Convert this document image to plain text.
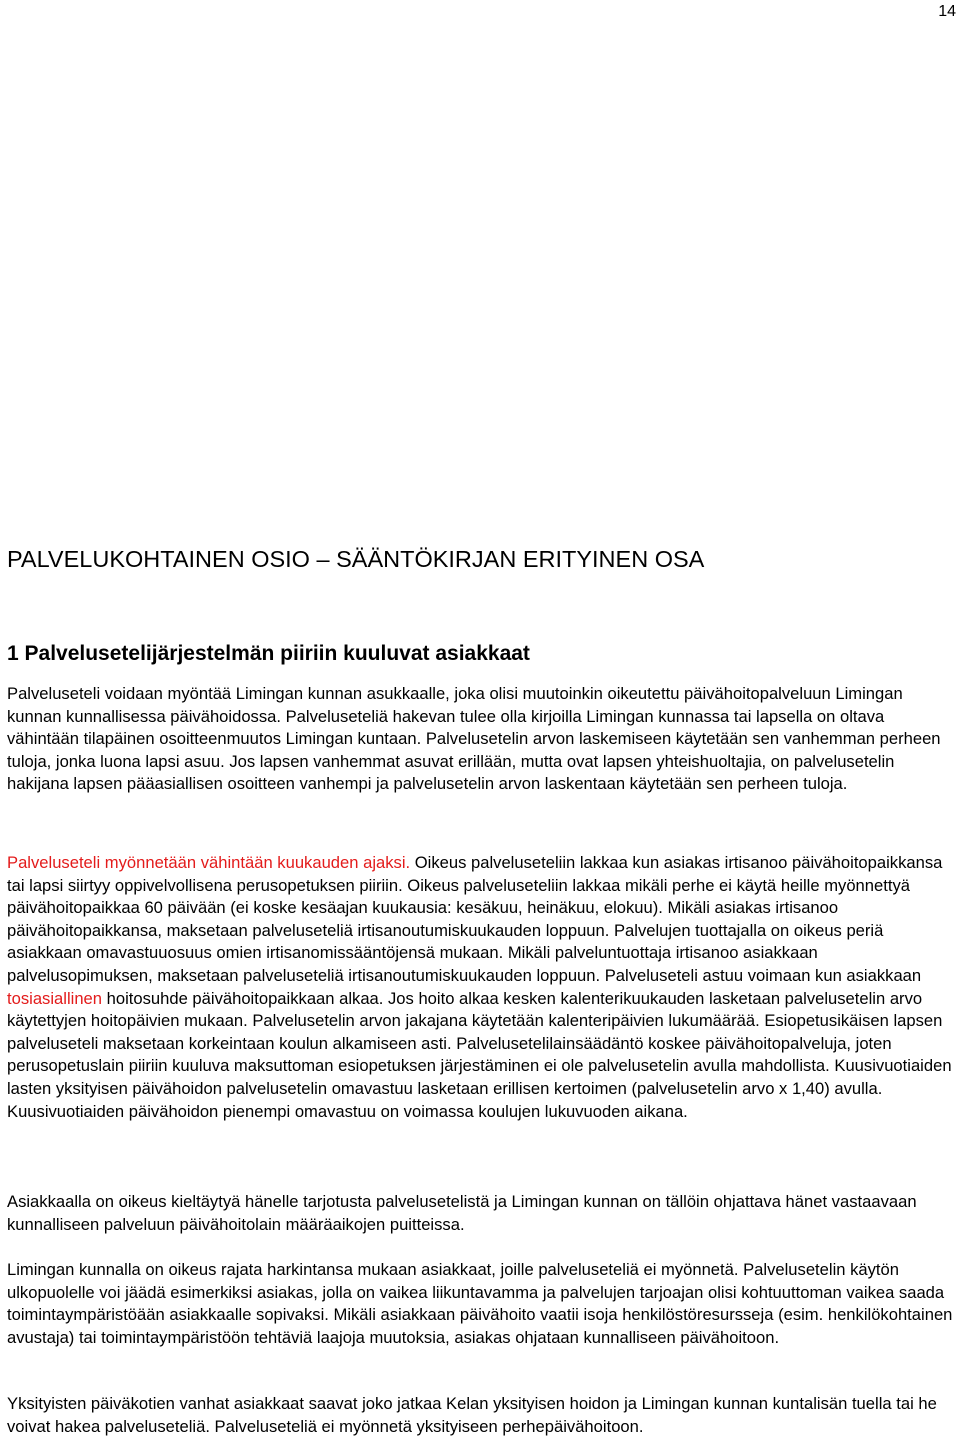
14
PALVELUKOHTAINEN OSIO – SÄÄNTÖKIRJAN ERITYINEN OSA
1 Palvelusetelijärjestelmän piiriin kuuluvat asiakkaat

Palveluseteli voidaan myöntää Limingan kunnan asukkaalle, joka olisi muutoinkin oikeutettu päivähoitopalveluun Limingan kunnan kunnallisessa päivähoidossa. Palveluseteliä hakevan tulee olla kirjoilla Limingan kunnassa tai lapsella on oltava vähintään tilapäinen osoitteenmuutos Limingan kuntaan. Palvelusetelin arvon laskemiseen käytetään sen vanhemman perheen tuloja, jonka luona lapsi asuu. Jos lapsen vanhemmat asuvat erillään, mutta ovat lapsen yhteishuoltajia, on palvelusetelin hakijana lapsen pääasiallisen osoitteen vanhempi ja palvelusetelin arvon laskentaan käytetään sen perheen tuloja.

Palveluseteli myönnetään vähintään kuukauden ajaksi. Oikeus palveluseteliin lakkaa kun asiakas irtisanoo päivähoitopaikkansa tai lapsi siirtyy oppivelvollisena perusopetuksen piiriin. Oikeus palveluseteliin lakkaa mikäli perhe ei käytä heille myönnettyä päivähoitopaikkaa 60 päivään (ei koske kesäajan kuukausia: kesäkuu, heinäkuu, elokuu). Mikäli asiakas irtisanoo päivähoitopaikkansa, maksetaan palveluseteliä irtisanoutumiskuukauden loppuun. Palvelujen tuottajalla on oikeus periä asiakkaan omavastuuosuus omien irtisanomissääntöjensä mukaan. Mikäli palveluntuottaja irtisanoo asiakkaan palvelusopimuksen, maksetaan palveluseteliä irtisanoutumiskuukauden loppuun. Palveluseteli astuu voimaan kun asiakkaan tosiasiallinen hoitosuhde päivähoitopaikkaan alkaa. Jos hoito alkaa kesken kalenterikuukauden lasketaan palvelusetelin arvo käytettyjen hoitopäivien mukaan. Palvelusetelin arvon jakajana käytetään kalenteripäivien lukumäärää. Esiopetusikäisen lapsen palveluseteli maksetaan korkeintaan koulun alkamiseen asti. Palvelusetelilainsäädäntö koskee päivähoitopalveluja, joten perusopetuslain piiriin kuuluva maksuttoman esiopetuksen järjestäminen ei ole palvelusetelin avulla mahdollista. Kuusivuotiaiden lasten yksityisen päivähoidon palvelusetelin omavastuu lasketaan erillisen kertoimen (palvelusetelin arvo x 1,40) avulla. Kuusivuotiaiden päivähoidon pienempi omavastuu on voimassa koulujen lukuvuoden aikana.

Asiakkaalla on oikeus kieltäytyä hänelle tarjotusta palvelusetelistä ja Limingan kunnan on tällöin ohjattava hänet vastaavaan kunnalliseen palveluun päivähoitolain määräaikojen puitteissa.

Limingan kunnalla on oikeus rajata harkintansa mukaan asiakkaat, joille palveluseteliä ei myönnetä. Palvelusetelin käytön ulkopuolelle voi jäädä esimerkiksi asiakas, jolla on vaikea liikuntavamma ja palvelujen tarjoajan olisi kohtuuttoman vaikea saada toimintaympäristöään asiakkaalle sopivaksi. Mikäli asiakkaan päivähoito vaatii isoja henkilöstöresursseja (esim. henkilökohtainen avustaja) tai toimintaympäristöön tehtäviä laajoja muutoksia, asiakas ohjataan kunnalliseen päivähoitoon.

Yksityisten päiväkotien vanhat asiakkaat saavat joko jatkaa Kelan yksityisen hoidon ja Limingan kunnan kuntalisän tuella tai he voivat hakea palveluseteliä. Palveluseteliä ei myönnetä yksityiseen perhepäivähoitoon.
